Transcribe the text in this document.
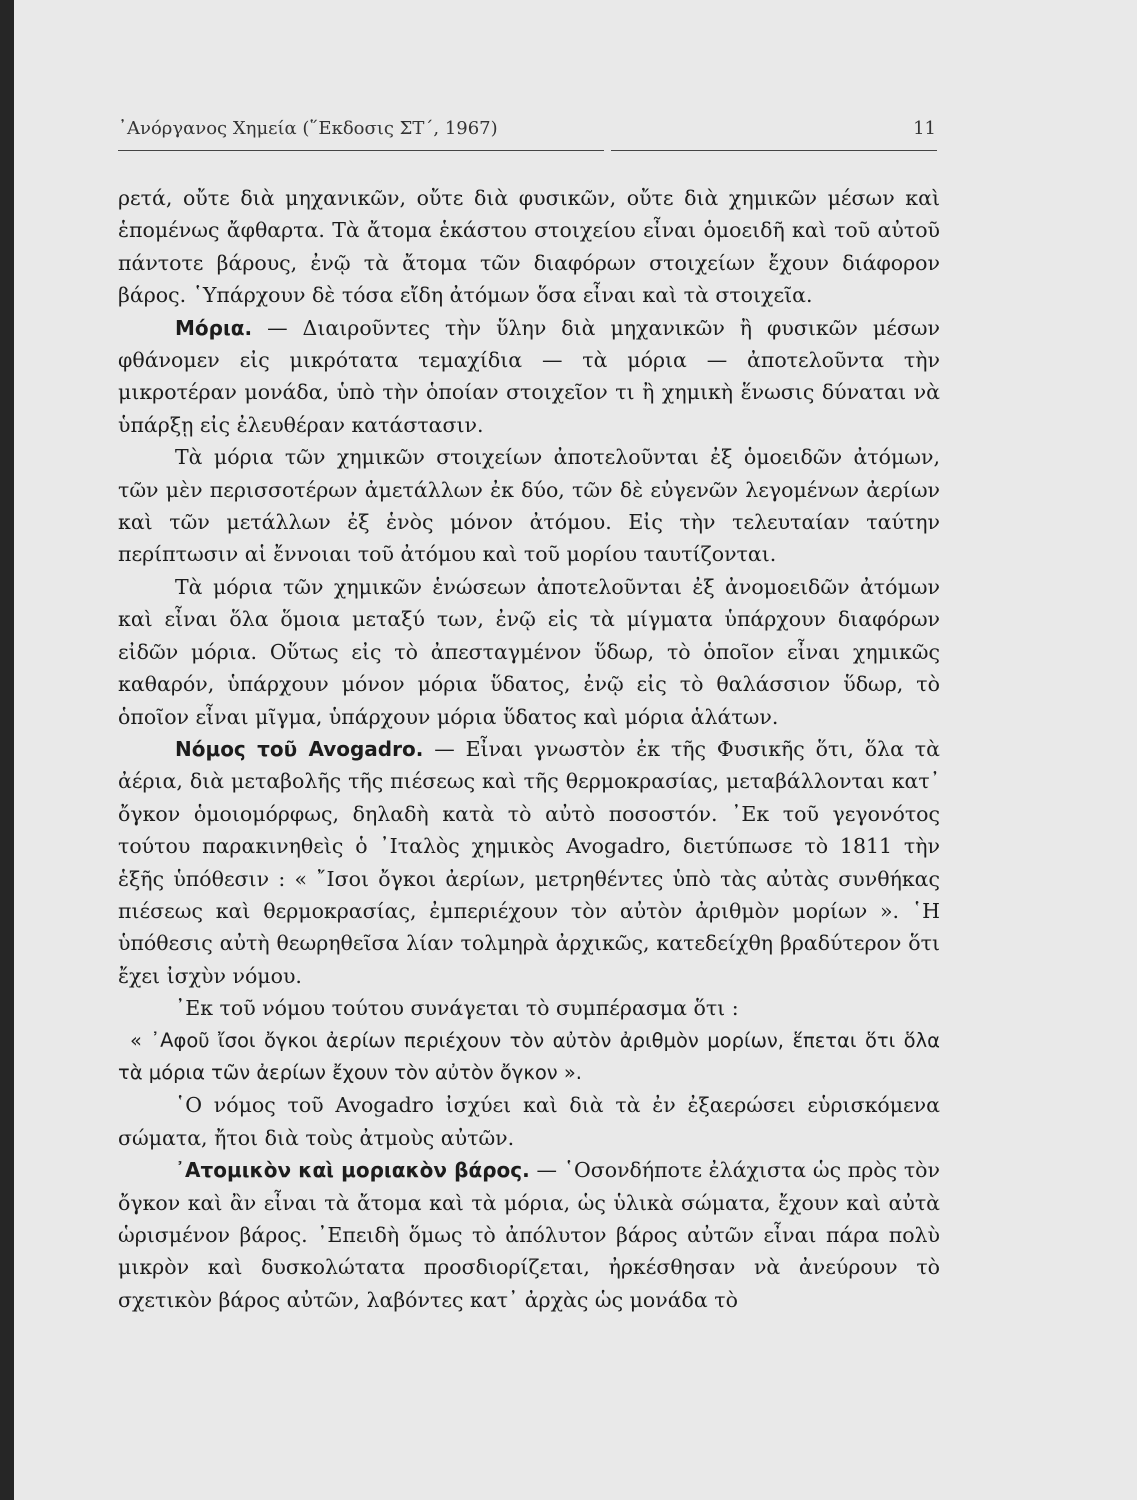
᾿Ανόργανος Χημεία (῞Εκδοσις ΣΤ΄, 1967)	11

ρετά, οὔτε διὰ μηχανικῶν, οὔτε διὰ φυσικῶν, οὔτε διὰ χημικῶν μέσων καὶ ἑπομένως ἄφθαρτα. Τὰ ἄτομα ἑκάστου στοιχείου εἶναι ὁμοειδῆ καὶ τοῦ αὐτοῦ πάντοτε βάρους, ἐνῷ τὰ ἄτομα τῶν διαφόρων στοιχείων ἔχουν διάφορον βάρος. ῾Υπάρχουν δὲ τόσα εἴδη ἀτόμων ὅσα εἶναι καὶ τὰ στοιχεῖα.

Μόρια. — Διαιροῦντες τὴν ὕλην διὰ μηχανικῶν ἢ φυσικῶν μέσων φθάνομεν εἰς μικρότατα τεμαχίδια — τὰ μόρια — ἀποτελοῦντα τὴν μικροτέραν μονάδα, ὑπὸ τὴν ὁποίαν στοιχεῖον τι ἢ χημικὴ ἕνωσις δύναται νὰ ὑπάρξῃ εἰς ἐλευθέραν κατάστασιν.

Τὰ μόρια τῶν χημικῶν στοιχείων ἀποτελοῦνται ἐξ ὁμοειδῶν ἀτόμων, τῶν μὲν περισσοτέρων ἀμετάλλων ἐκ δύο, τῶν δὲ εὐγενῶν λεγομένων ἀερίων καὶ τῶν μετάλλων ἐξ ἑνὸς μόνον ἀτόμου. Εἰς τὴν τελευταίαν ταύτην περίπτωσιν αἱ ἔννοιαι τοῦ ἀτόμου καὶ τοῦ μορίου ταυτίζονται.

Τὰ μόρια τῶν χημικῶν ἑνώσεων ἀποτελοῦνται ἐξ ἀνομοειδῶν ἀτόμων καὶ εἶναι ὅλα ὅμοια μεταξύ των, ἐνῷ εἰς τὰ μίγματα ὑπάρχουν διαφόρων εἰδῶν μόρια. Οὕτως εἰς τὸ ἀπεσταγμένον ὕδωρ, τὸ ὁποῖον εἶναι χημικῶς καθαρόν, ὑπάρχουν μόνον μόρια ὕδατος, ἐνῷ εἰς τὸ θαλάσσιον ὕδωρ, τὸ ὁποῖον εἶναι μῖγμα, ὑπάρχουν μόρια ὕδατος καὶ μόρια ἁλάτων.

Νόμος τοῦ Avogadro. — Εἶναι γνωστὸν ἐκ τῆς Φυσικῆς ὅτι, ὅλα τὰ ἀέρια, διὰ μεταβολῆς τῆς πιέσεως καὶ τῆς θερμοκρασίας, μεταβάλλονται κατ᾿ ὄγκον ὁμοιομόρφως, δηλαδὴ κατὰ τὸ αὐτὸ ποσοστόν. ᾿Εκ τοῦ γεγονότος τούτου παρακινηθεὶς ὁ ᾿Ιταλὸς χημικὸς Avogadro, διετύπωσε τὸ 1811 τὴν ἑξῆς ὑπόθεσιν : « ῎Ισοι ὄγκοι ἀερίων, μετρηθέντες ὑπὸ τὰς αὐτὰς συνθήκας πιέσεως καὶ θερμοκρασίας, ἐμπεριέχουν τὸν αὐτὸν ἀριθμὸν μορίων ». ῾Η ὑπόθεσις αὐτὴ θεωρηθεῖσα λίαν τολμηρὰ ἀρχικῶς, κατεδείχθη βραδύτερον ὅτι ἔχει ἰσχὺν νόμου.

᾿Εκ τοῦ νόμου τούτου συνάγεται τὸ συμπέρασμα ὅτι :

« ᾿Αφοῦ ἴσοι ὄγκοι ἀερίων περιέχουν τὸν αὐτὸν ἀριθμὸν μορίων, ἕπεται ὅτι ὅλα τὰ μόρια τῶν ἀερίων ἔχουν τὸν αὐτὸν ὄγκον ».

῾Ο νόμος τοῦ Avogadro ἰσχύει καὶ διὰ τὰ ἐν ἐξαερώσει εὑρισκόμενα σώματα, ἤτοι διὰ τοὺς ἀτμοὺς αὐτῶν.

᾿Ατομικὸν καὶ μοριακὸν βάρος. — ῾Οσονδήποτε ἐλάχιστα ὡς πρὸς τὸν ὄγκον καὶ ἂν εἶναι τὰ ἄτομα καὶ τὰ μόρια, ὡς ὑλικὰ σώματα, ἔχουν καὶ αὐτὰ ὡρισμένον βάρος. ᾿Επειδὴ ὅμως τὸ ἀπόλυτον βάρος αὐτῶν εἶναι πάρα πολὺ μικρὸν καὶ δυσκολώτατα προσδιορίζεται, ἠρκέσθησαν νὰ ἀνεύρουν τὸ σχετικὸν βάρος αὐτῶν, λαβόντες κατ᾿ ἀρχὰς ὡς μονάδα τὸ
